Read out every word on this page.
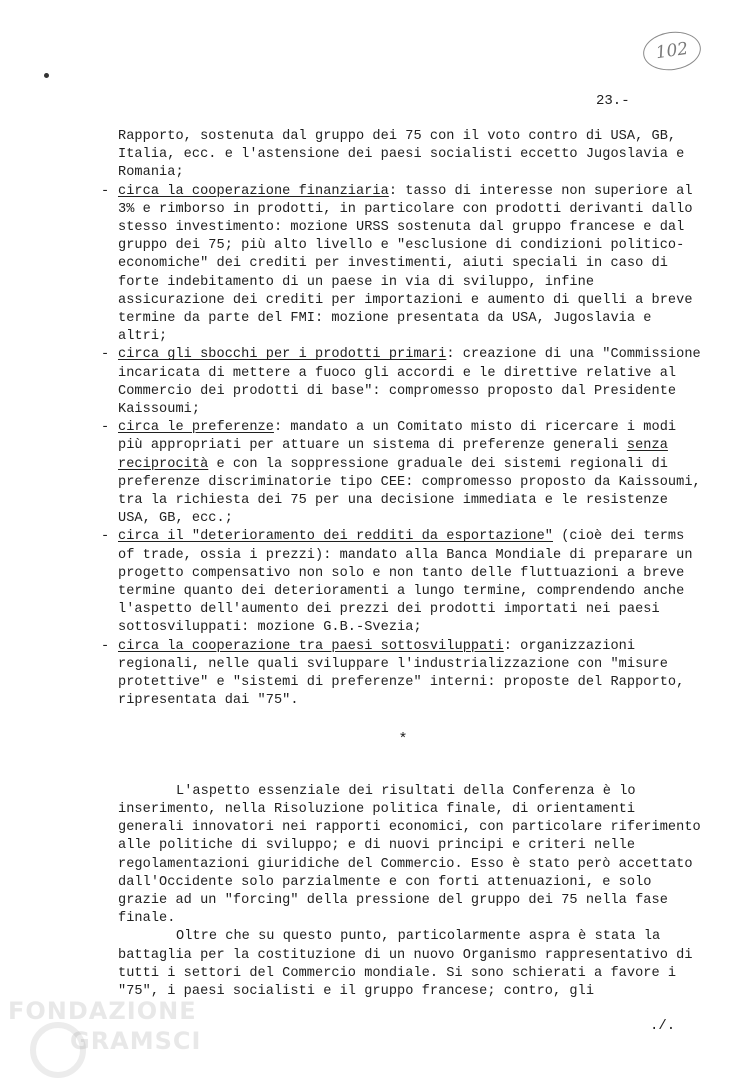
102
23.-

Rapporto, sostenuta dal gruppo dei 75 con il voto contro di USA, GB, Italia, ecc. e l'astensione dei paesi socialisti eccetto Jugoslavia e Romania;

- circa la cooperazione finanziaria: tasso di interesse non superiore al 3% e rimborso in prodotti, in particolare con prodotti derivanti dallo stesso investimento: mozione URSS sostenuta dal gruppo francese e dal gruppo dei 75; più alto livello e "esclusione di condizioni politico-economiche" dei crediti per investimenti, aiuti speciali in caso di forte indebitamento di un paese in via di sviluppo, infine assicurazione dei crediti per importazioni e aumento di quelli a breve termine da parte del FMI: mozione presentata da USA, Jugoslavia e altri;

- circa gli sbocchi per i prodotti primari: creazione di una "Commissione incaricata di mettere a fuoco gli accordi e le direttive relative al Commercio dei prodotti di base": compromesso proposto dal Presidente Kaissoumi;

- circa le preferenze: mandato a un Comitato misto di ricercare i modi più appropriati per attuare un sistema di preferenze generali senza reciprocità e con la soppressione graduale dei sistemi regionali di preferenze discriminatorie tipo CEE: compromesso proposto da Kaissoumi, tra la richiesta dei 75 per una decisione immediata e le resistenze USA, GB, ecc.;

- circa il "deterioramento dei redditi da esportazione" (cioè dei terms of trade, ossia i prezzi): mandato alla Banca Mondiale di preparare un progetto compensativo non solo e non tanto delle fluttuazioni a breve termine quanto dei deterioramenti a lungo termine, comprendendo anche l'aspetto dell'aumento dei prezzi dei prodotti importati nei paesi sottosviluppati: mozione G.B.-Svezia;

- circa la cooperazione tra paesi sottosviluppati: organizzazioni regionali, nelle quali sviluppare l'industrializzazione con "misure protettive" e "sistemi di preferenze" interni: proposte del Rapporto, ripresentata dai "75".

*

L'aspetto essenziale dei risultati della Conferenza è lo inserimento, nella Risoluzione politica finale, di orientamenti generali innovatori nei rapporti economici, con particolare riferimento alle politiche di sviluppo; e di nuovi principi e criteri nelle regolamentazioni giuridiche del Commercio. Esso è stato però accettato dall'Occidente solo parzialmente e con forti attenuazioni, e solo grazie ad un "forcing" della pressione del gruppo dei 75 nella fase finale.

Oltre che su questo punto, particolarmente aspra è stata la battaglia per la costituzione di un nuovo Organismo rappresentativo di tutti i settori del Commercio mondiale. Si sono schierati a favore i "75", i paesi socialisti e il gruppo francese; contro, gli

./.
FONDAZIONE
GRAMSCI
